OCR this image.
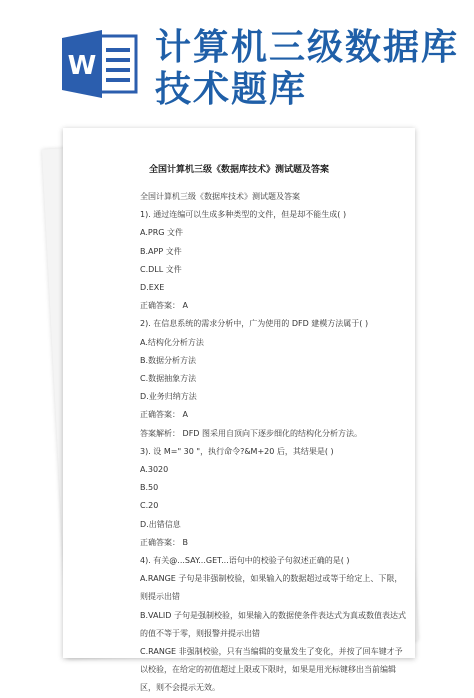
W 计算机三级数据库
技术题库
全国计算机三级《数据库技术》测试题及答案
全国计算机三级《数据库技术》测试题及答案
1). 通过连编可以生成多种类型的文件，但是却不能生成( )
A.PRG 文件
B.APP 文件
C.DLL 文件
D.EXE
正确答案： A
2). 在信息系统的需求分析中，广为使用的 DFD 建模方法属于( )
A.结构化分析方法
B.数据分析方法
C.数据抽象方法
D.业务归纳方法
正确答案： A
答案解析： DFD 图采用自顶向下逐步细化的结构化分析方法。
3). 设 M=" 30 "，执行命令?&M+20 后，其结果是( )
A.3020
B.50
C.20
D.出错信息
正确答案： B
4). 有关@...SAY...GET...语句中的校验子句叙述正确的是( )
A.RANGE 子句是非强制校验，如果输入的数据超过或等于给定上、下限，则提示出错
B.VALID 子句是强制校验，如果输入的数据使条件表达式为真或数值表达式的值不等于零，则报警并提示出错
C.RANGE 非强制校验，只有当编辑的变量发生了变化，并按了回车键才予以校验，在给定的初值超过上限或下限时，如果是用光标键移出当前编辑区，则不会提示无效。
